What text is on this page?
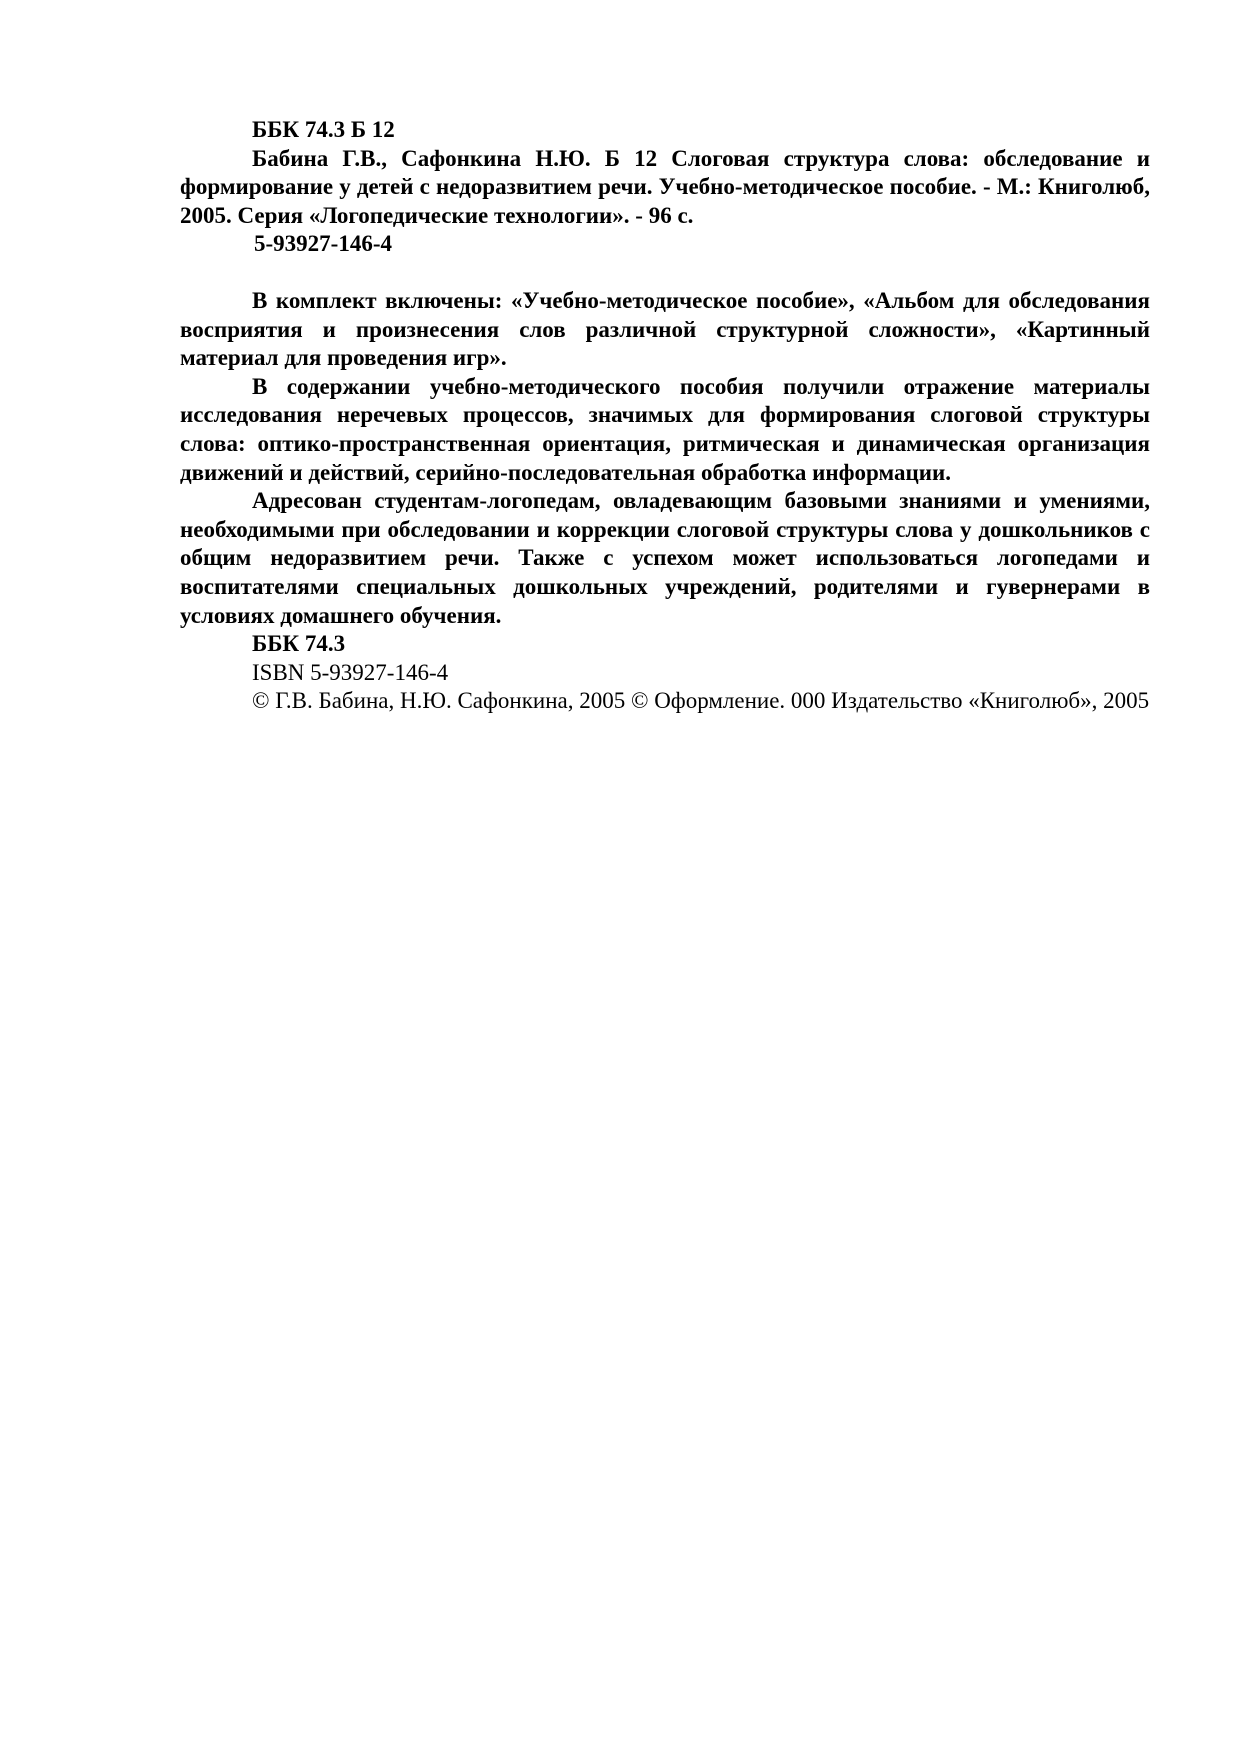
ББК 74.3 Б 12

Бабина Г.В., Сафонкина Н.Ю. Б 12 Слоговая структура слова: обследование и формирование у детей с недоразвитием речи. Учебно-методическое пособие. - М.: Книголюб, 2005. Серия «Логопедические технологии». - 96 с.

5-93927-146-4

В комплект включены: «Учебно-методическое пособие», «Альбом для обследования восприятия и произнесения слов различной структурной сложности», «Картинный материал для проведения игр».

В содержании учебно-методического пособия получили отражение материалы исследования неречевых процессов, значимых для формирования слоговой структуры слова: оптико-пространственная ориентация, ритмическая и динамическая организация движений и действий, серийно-последовательная обработка информации.

Адресован студентам-логопедам, овладевающим базовыми знаниями и умениями, необходимыми при обследовании и коррекции слоговой структуры слова у дошкольников с общим недоразвитием речи. Также с успехом может использоваться логопедами и воспитателями специальных дошкольных учреждений, родителями и гувернерами в условиях домашнего обучения.

ББК 74.3

ISBN 5-93927-146-4

© Г.В. Бабина, Н.Ю. Сафонкина, 2005 © Оформление. 000 Издательство «Книголюб», 2005
